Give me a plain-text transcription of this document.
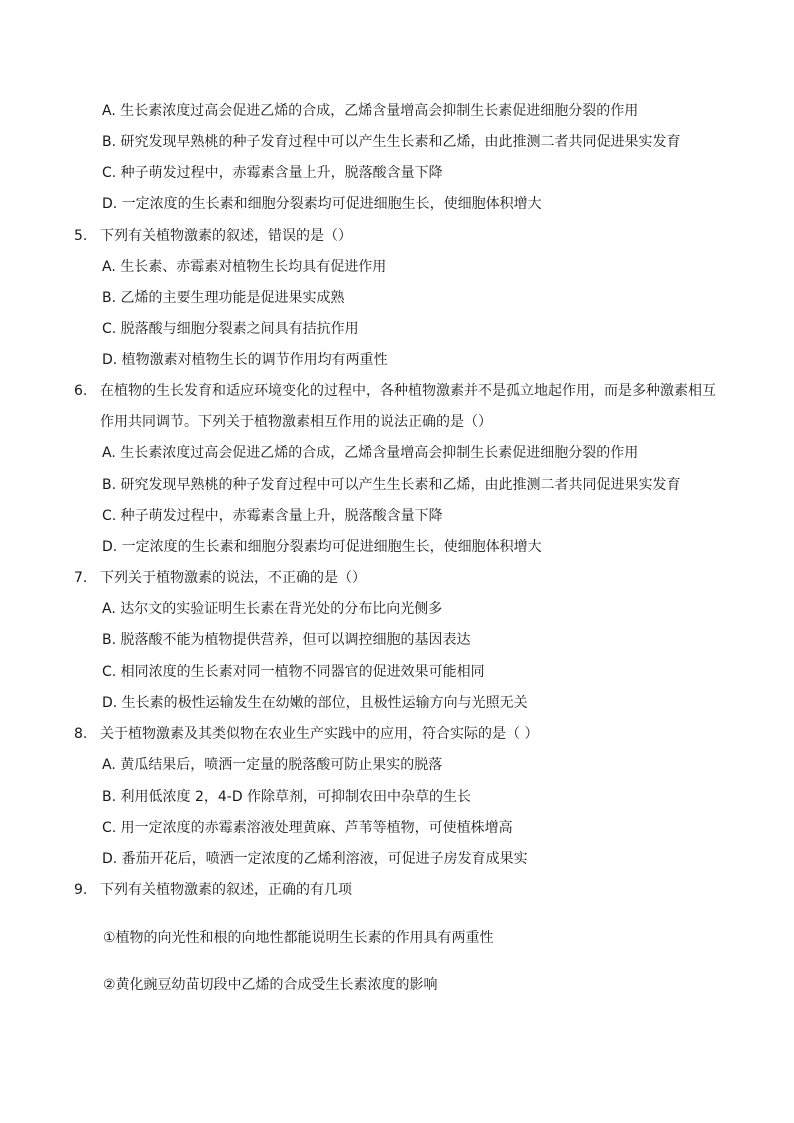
A. 生长素浓度过高会促进乙烯的合成，乙烯含量增高会抑制生长素促进细胞分裂的作用
B. 研究发现早熟桃的种子发育过程中可以产生生长素和乙烯，由此推测二者共同促进果实发育
C. 种子萌发过程中，赤霉素含量上升，脱落酸含量下降
D. 一定浓度的生长素和细胞分裂素均可促进细胞生长，使细胞体积增大
5. 下列有关植物激素的叙述，错误的是（）
A. 生长素、赤霉素对植物生长均具有促进作用
B. 乙烯的主要生理功能是促进果实成熟
C. 脱落酸与细胞分裂素之间具有拮抗作用
D. 植物激素对植物生长的调节作用均有两重性
6. 在植物的生长发育和适应环境变化的过程中，各种植物激素并不是孤立地起作用，而是多种激素相互
作用共同调节。下列关于植物激素相互作用的说法正确的是（）
A. 生长素浓度过高会促进乙烯的合成，乙烯含量增高会抑制生长素促进细胞分裂的作用
B. 研究发现早熟桃的种子发育过程中可以产生生长素和乙烯，由此推测二者共同促进果实发育
C. 种子萌发过程中，赤霉素含量上升，脱落酸含量下降
D. 一定浓度的生长素和细胞分裂素均可促进细胞生长，使细胞体积增大
7. 下列关于植物激素的说法，不正确的是（）
A. 达尔文的实验证明生长素在背光处的分布比向光侧多
B. 脱落酸不能为植物提供营养，但可以调控细胞的基因表达
C. 相同浓度的生长素对同一植物不同器官的促进效果可能相同
D. 生长素的极性运输发生在幼嫩的部位，且极性运输方向与光照无关
8. 关于植物激素及其类似物在农业生产实践中的应用，符合实际的是（ ）
A. 黄瓜结果后，喷洒一定量的脱落酸可防止果实的脱落
B. 利用低浓度 2，4-D 作除草剂，可抑制农田中杂草的生长
C. 用一定浓度的赤霉素溶液处理黄麻、芦苇等植物，可使植株增高
D. 番茄开花后，喷洒一定浓度的乙烯利溶液，可促进子房发育成果实
9. 下列有关植物激素的叙述，正确的有几项
①植物的向光性和根的向地性都能说明生长素的作用具有两重性
②黄化豌豆幼苗切段中乙烯的合成受生长素浓度的影响
